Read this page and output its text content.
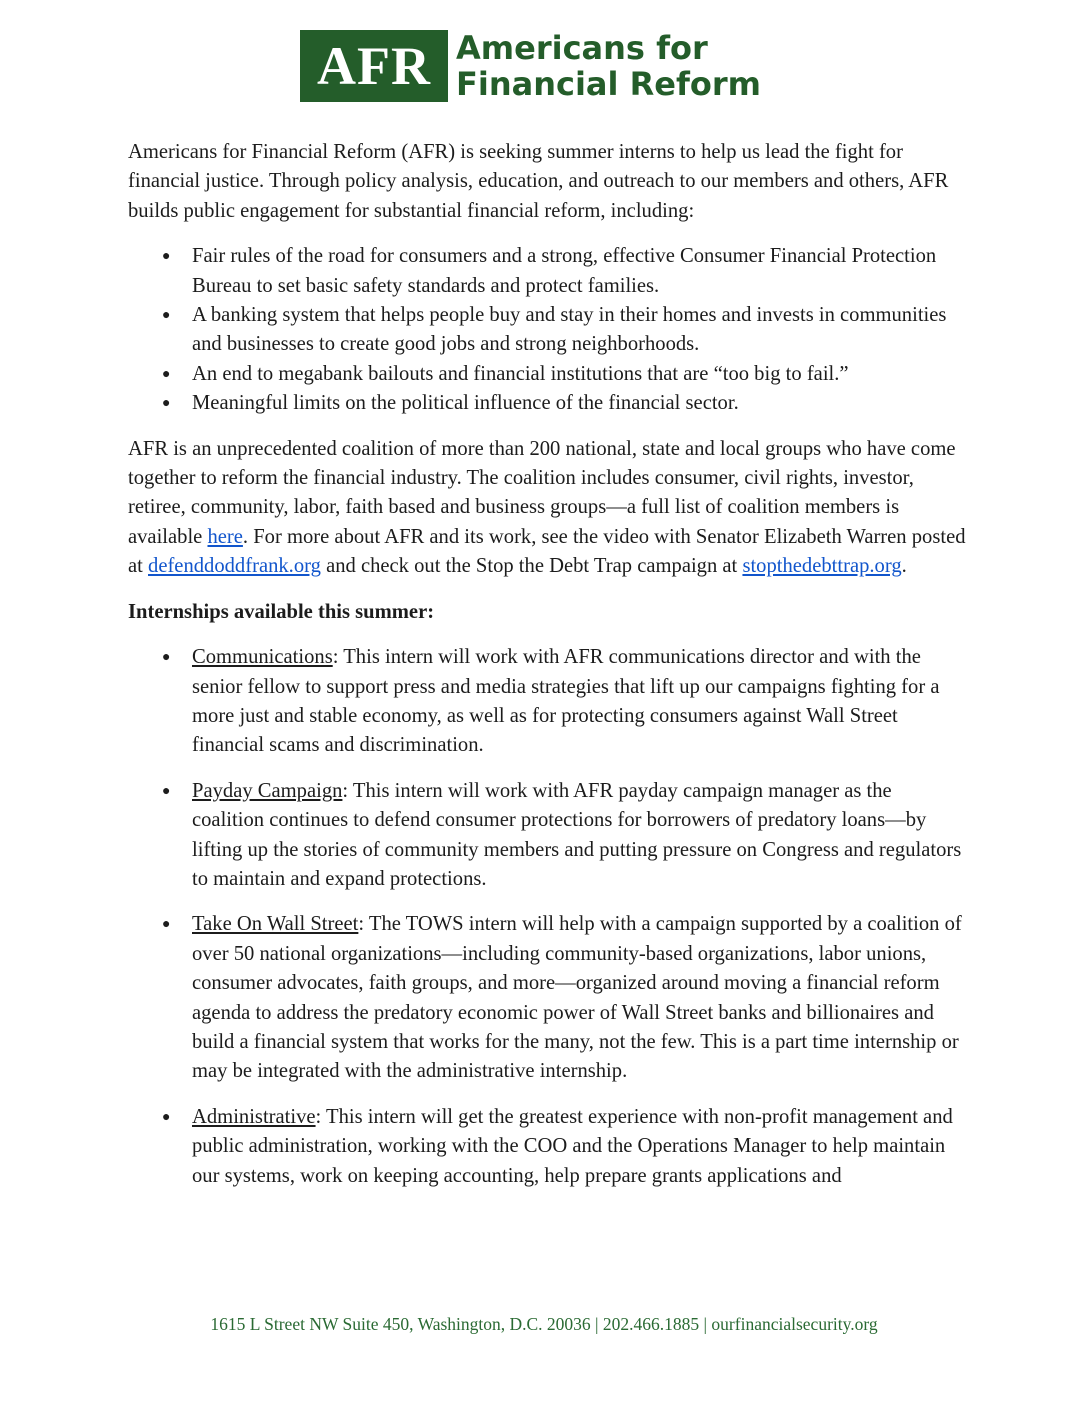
AFR Americans for
Financial Reform

Americans for Financial Reform (AFR) is seeking summer interns to help us lead the fight for financial justice. Through policy analysis, education, and outreach to our members and others, AFR builds public engagement for substantial financial reform, including:

● Fair rules of the road for consumers and a strong, effective Consumer Financial Protection Bureau to set basic safety standards and protect families.
● A banking system that helps people buy and stay in their homes and invests in communities and businesses to create good jobs and strong neighborhoods.
● An end to megabank bailouts and financial institutions that are “too big to fail.”
● Meaningful limits on the political influence of the financial sector.

AFR is an unprecedented coalition of more than 200 national, state and local groups who have come together to reform the financial industry. The coalition includes consumer, civil rights, investor, retiree, community, labor, faith based and business groups—a full list of coalition members is available here. For more about AFR and its work, see the video with Senator Elizabeth Warren posted at defenddoddfrank.org and check out the Stop the Debt Trap campaign at stopthedebttrap.org.

Internships available this summer:

● Communications: This intern will work with AFR communications director and with the senior fellow to support press and media strategies that lift up our campaigns fighting for a more just and stable economy, as well as for protecting consumers against Wall Street financial scams and discrimination.
● Payday Campaign: This intern will work with AFR payday campaign manager as the coalition continues to defend consumer protections for borrowers of predatory loans—by lifting up the stories of community members and putting pressure on Congress and regulators to maintain and expand protections.
● Take On Wall Street: The TOWS intern will help with a campaign supported by a coalition of over 50 national organizations—including community-based organizations, labor unions, consumer advocates, faith groups, and more—organized around moving a financial reform agenda to address the predatory economic power of Wall Street banks and billionaires and build a financial system that works for the many, not the few. This is a part time internship or may be integrated with the administrative internship.
● Administrative: This intern will get the greatest experience with non-profit management and public administration, working with the COO and the Operations Manager to help maintain our systems, work on keeping accounting, help prepare grants applications and
1615 L Street NW Suite 450, Washington, D.C. 20036 | 202.466.1885 | ourfinancialsecurity.org
